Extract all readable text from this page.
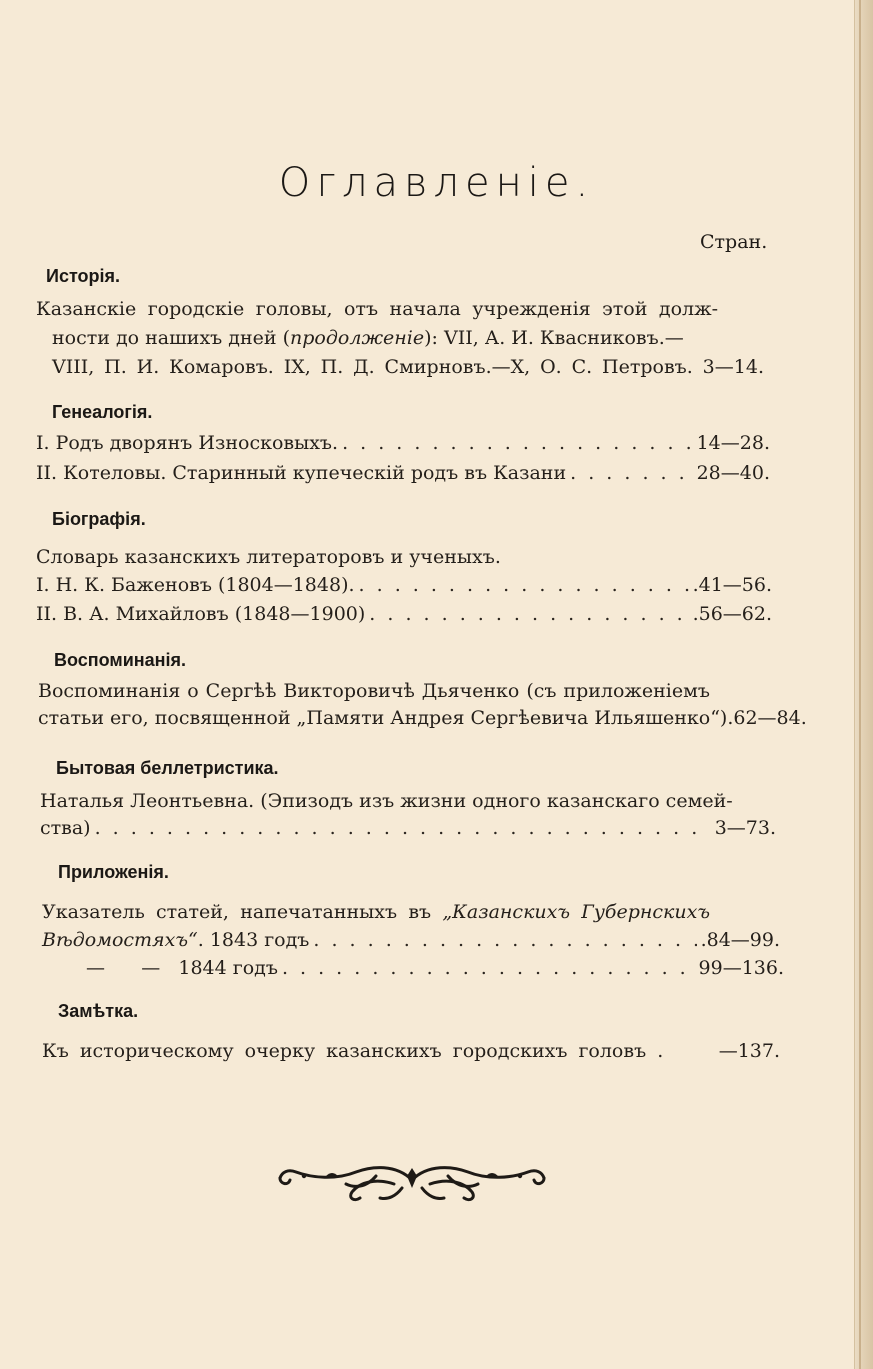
Оглавленіе.
Стран.
Исторія.
Казанскіе городскіе головы, отъ начала учрежденія этой долж-
ности до нашихъ дней (продолженіе): VII, А. И. Квасниковъ.—
VIII, П. И. Комаровъ. IX, П. Д. Смирновъ.—X, О. С. Петровъ. 3—14.
Генеалогія.
I. Родъ дворянъ Износковыхъ. . . .	14—28.
II. Котеловы. Старинный купеческій родъ въ Казани . . .	28—40.
Біографія.
Словарь казанскихъ литераторовъ и ученыхъ.
I. Н. К. Баженовъ (1804—1848). . . .	.41—56.
II. В. А. Михайловъ (1848—1900) . . .	.56—62.
Воспоминанія.
Воспоминанія о Сергѣѣ Викторовичѣ Дьяченко (съ приложеніемъ
статьи его, посвященной „Памяти Андрея Сергѣевича Ильяшенко“).62—84.
Бытовая беллетристика.
Наталья Леонтьевна. (Эпизодъ изъ жизни одного казанскаго семей-
ства) . . .	3—73.
Приложенія.
Указатель статей, напечатанныхъ въ „Казанскихъ Губернскихъ
Вѣдомостяхъ“. 1843 годъ . . .	.84—99.
—      —   1844 годъ . . .	99—136.
Замѣтка.
Къ историческому очерку казанскихъ городскихъ головъ .	—137.
